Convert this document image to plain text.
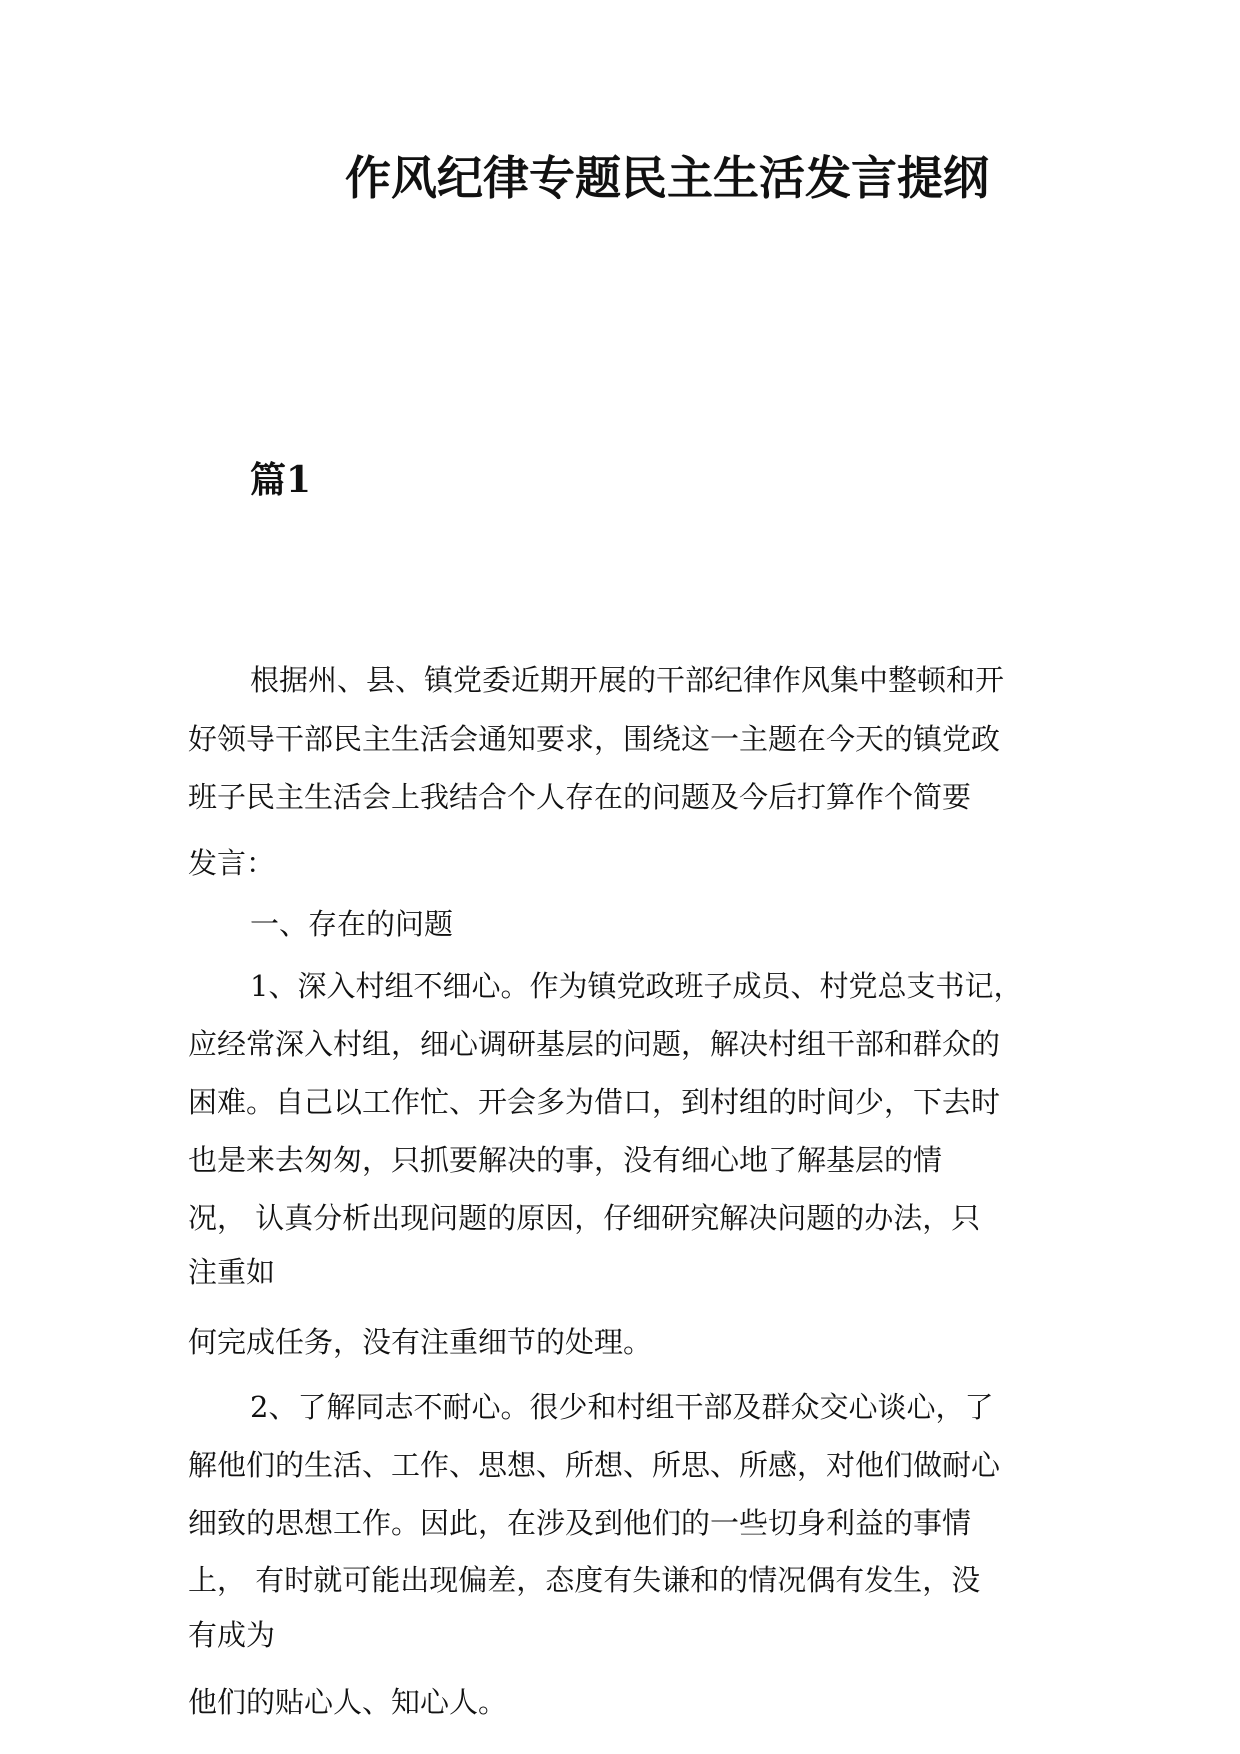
作风纪律专题民主生活发言提纲
篇1
根据州、县、镇党委近期开展的干部纪律作风集中整顿和开
好领导干部民主生活会通知要求，围绕这一主题在今天的镇党政
班子民主生活会上我结合个人存在的问题及今后打算作个简要
发言：
一、存在的问题
1、深入村组不细心。作为镇党政班子成员、村党总支书记，
应经常深入村组，细心调研基层的问题，解决村组干部和群众的
困难。自己以工作忙、开会多为借口，到村组的时间少，下去时
也是来去匆匆，只抓要解决的事，没有细心地了解基层的情
况， 认真分析出现问题的原因，仔细研究解决问题的办法，只
注重如
何完成任务，没有注重细节的处理。
2、了解同志不耐心。很少和村组干部及群众交心谈心，了
解他们的生活、工作、思想、所想、所思、所感，对他们做耐心
细致的思想工作。因此，在涉及到他们的一些切身利益的事情
上， 有时就可能出现偏差，态度有失谦和的情况偶有发生，没
有成为
他们的贴心人、知心人。
